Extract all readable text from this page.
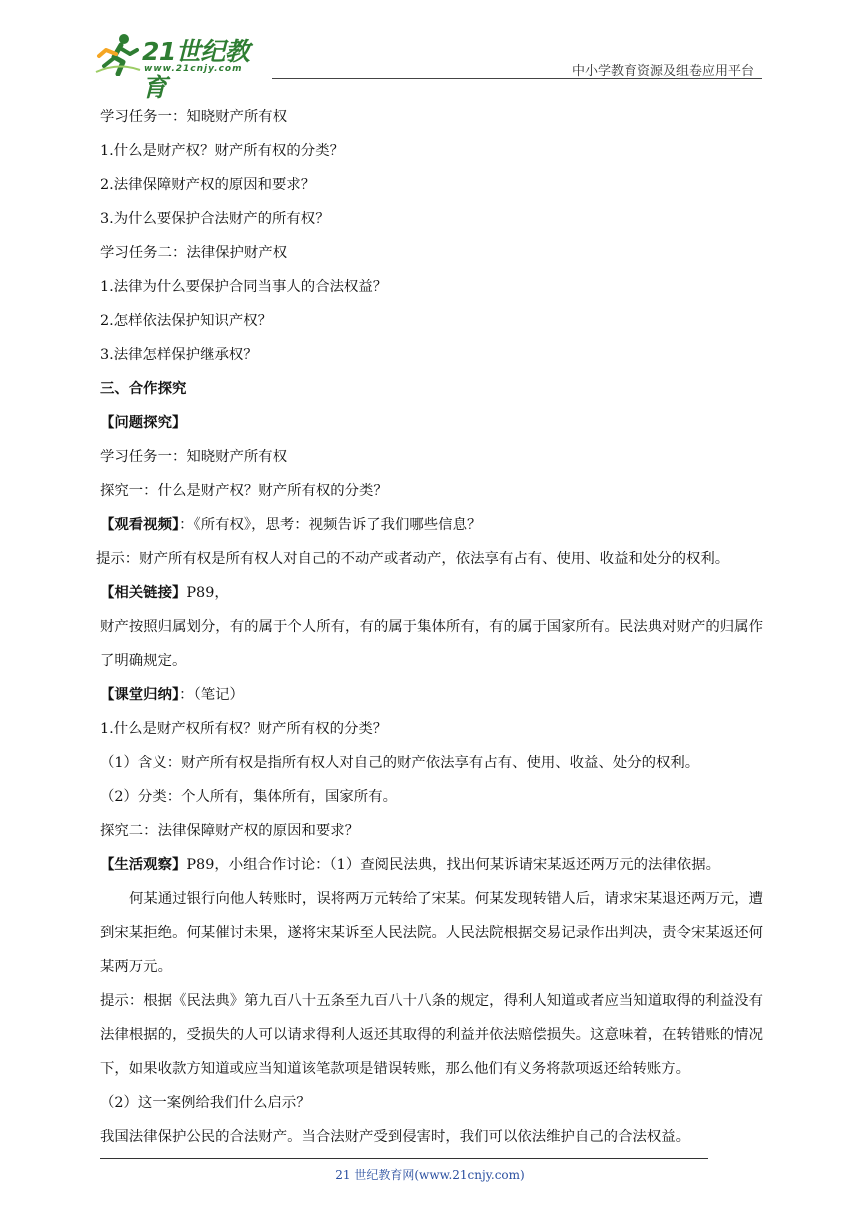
21世纪教育
www.21cnjy.com	中小学教育资源及组卷应用平台

学习任务一：知晓财产所有权

1.什么是财产权？财产所有权的分类？

2.法律保障财产权的原因和要求？

3.为什么要保护合法财产的所有权？

学习任务二：法律保护财产权

1.法律为什么要保护合同当事人的合法权益？

2.怎样依法保护知识产权？

3.法律怎样保护继承权？

三、合作探究

【问题探究】

学习任务一：知晓财产所有权

探究一：什么是财产权？财产所有权的分类？

【观看视频】：《所有权》，思考：视频告诉了我们哪些信息？

提示：财产所有权是所有权人对自己的不动产或者动产，依法享有占有、使用、收益和处分的权利。

【相关链接】P89，

财产按照归属划分，有的属于个人所有，有的属于集体所有，有的属于国家所有。民法典对财产的归属作了明确规定。

【课堂归纳】：（笔记）

1.什么是财产权所有权？财产所有权的分类？

（1）含义：财产所有权是指所有权人对自己的财产依法享有占有、使用、收益、处分的权利。

（2）分类：个人所有，集体所有，国家所有。

探究二：法律保障财产权的原因和要求？

【生活观察】P89，小组合作讨论：（1）查阅民法典，找出何某诉请宋某返还两万元的法律依据。

何某通过银行向他人转账时，误将两万元转给了宋某。何某发现转错人后，请求宋某退还两万元，遭到宋某拒绝。何某催讨未果，遂将宋某诉至人民法院。人民法院根据交易记录作出判决，责令宋某返还何某两万元。

提示：根据《民法典》第九百八十五条至九百八十八条的规定，得利人知道或者应当知道取得的利益没有法律根据的，受损失的人可以请求得利人返还其取得的利益并依法赔偿损失。这意味着，在转错账的情况下，如果收款方知道或应当知道该笔款项是错误转账，那么他们有义务将款项返还给转账方。

（2）这一案例给我们什么启示？

我国法律保护公民的合法财产。当合法财产受到侵害时，我们可以依法维护自己的合法权益。

21 世纪教育网(www.21cnjy.com)
